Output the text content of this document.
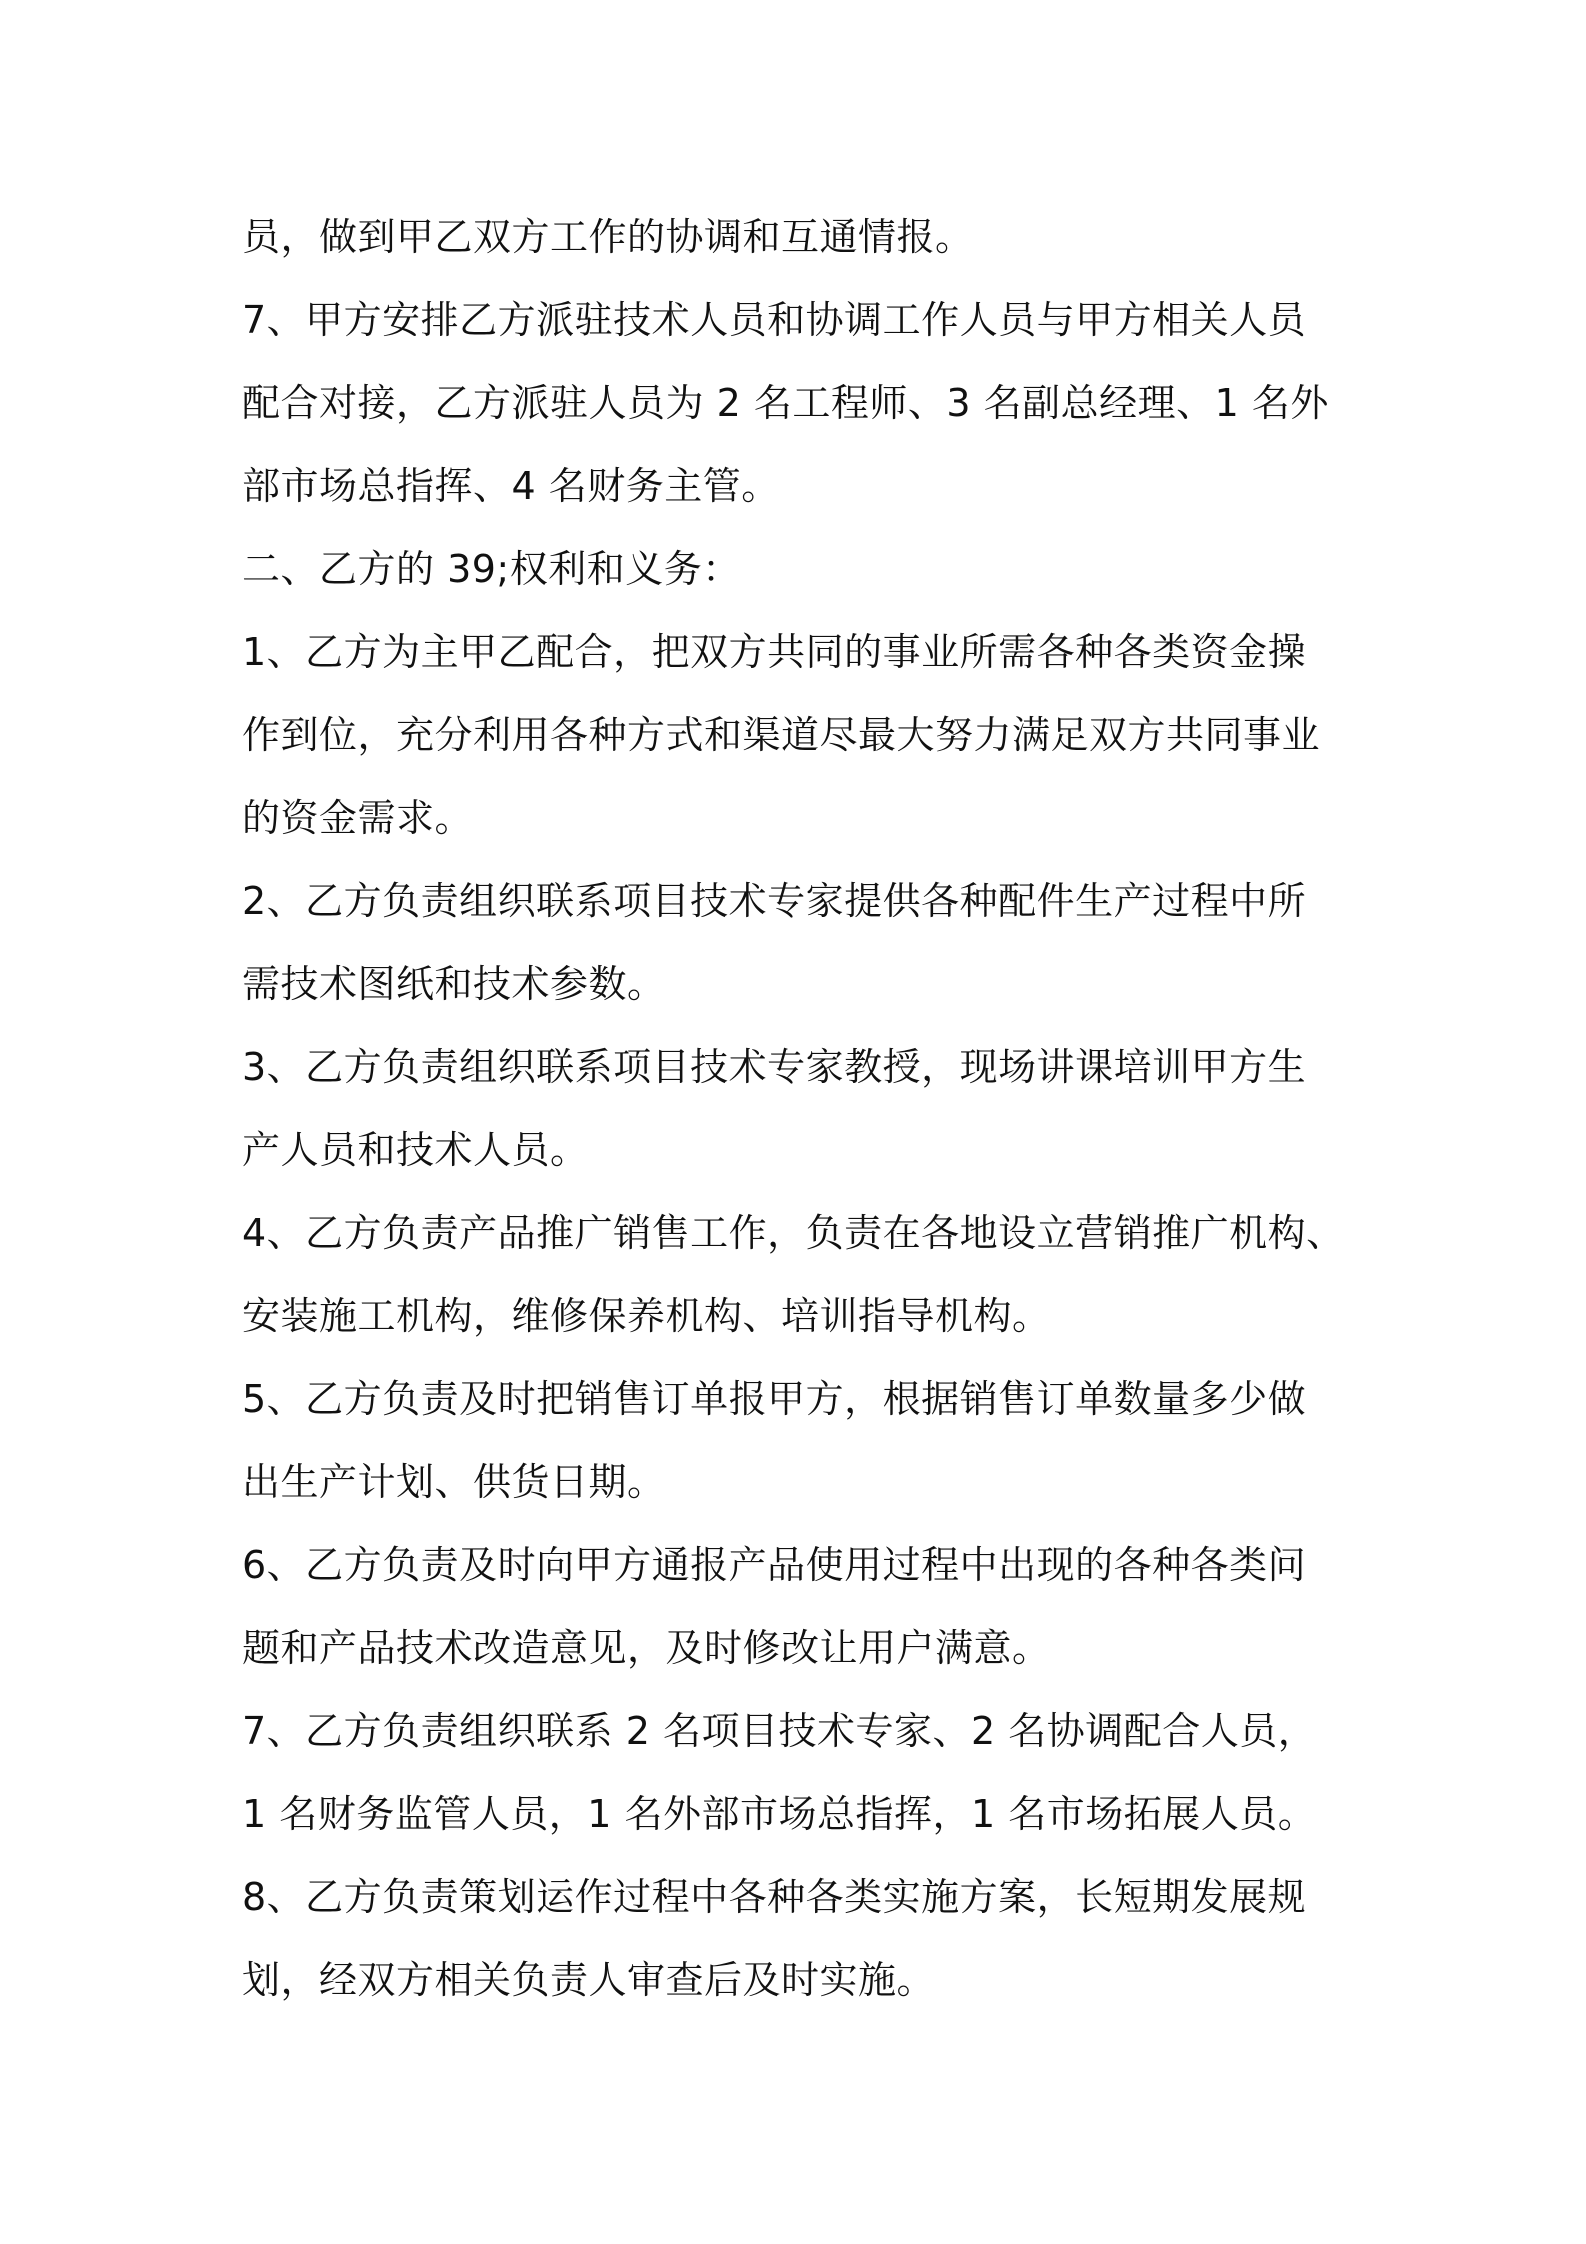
员，做到甲乙双方工作的协调和互通情报。
7、甲方安排乙方派驻技术人员和协调工作人员与甲方相关人员
配合对接，乙方派驻人员为 2 名工程师、3 名副总经理、1 名外
部市场总指挥、4 名财务主管。
二、乙方的 39;权利和义务：
1、乙方为主甲乙配合，把双方共同的事业所需各种各类资金操
作到位，充分利用各种方式和渠道尽最大努力满足双方共同事业
的资金需求。
2、乙方负责组织联系项目技术专家提供各种配件生产过程中所
需技术图纸和技术参数。
3、乙方负责组织联系项目技术专家教授，现场讲课培训甲方生
产人员和技术人员。
4、乙方负责产品推广销售工作，负责在各地设立营销推广机构、
安装施工机构，维修保养机构、培训指导机构。
5、乙方负责及时把销售订单报甲方，根据销售订单数量多少做
出生产计划、供货日期。
6、乙方负责及时向甲方通报产品使用过程中出现的各种各类问
题和产品技术改造意见，及时修改让用户满意。
7、乙方负责组织联系 2 名项目技术专家、2 名协调配合人员，
1 名财务监管人员，1 名外部市场总指挥，1 名市场拓展人员。
8、乙方负责策划运作过程中各种各类实施方案，长短期发展规
划，经双方相关负责人审查后及时实施。
